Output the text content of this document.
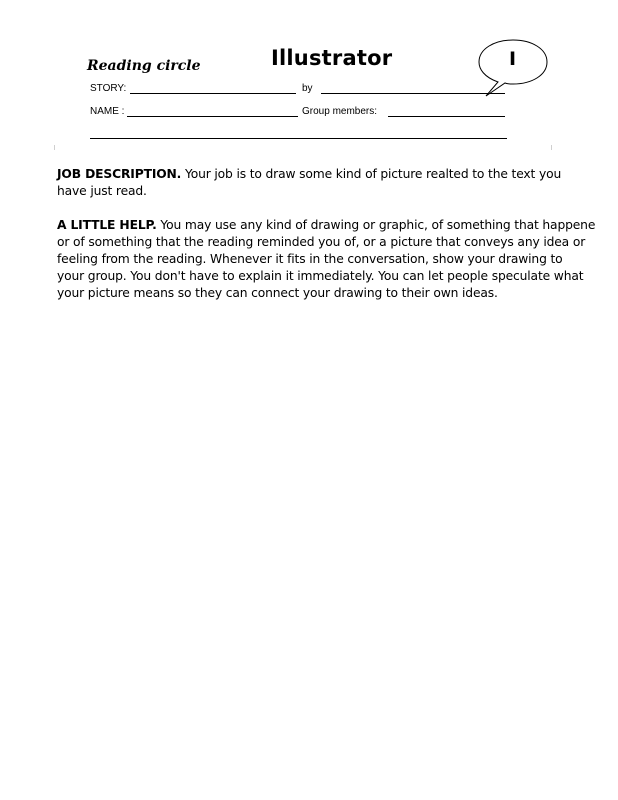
Reading circle	Illustrator	I
STORY:	by
NAME :	Group members:

JOB DESCRIPTION. Your job is to draw some kind of picture realted to the text you
have just read.

A LITTLE HELP. You may use any kind of drawing or graphic, of something that happene
or of something that the reading reminded you of, or a picture that conveys any idea or
feeling from the reading. Whenever it fits in the conversation, show your drawing to
your group. You don't have to explain it immediately. You can let people speculate what
your picture means so they can connect your drawing to their own ideas.
